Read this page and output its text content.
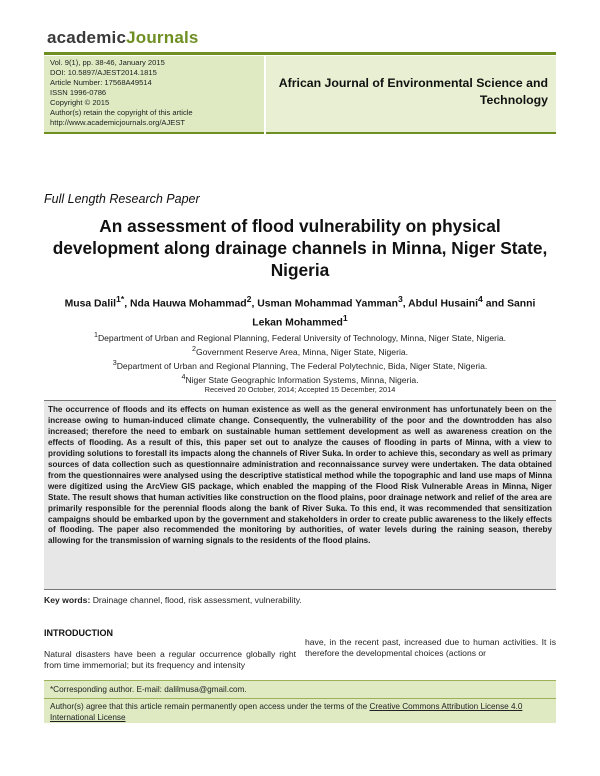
academicJournals
Vol. 9(1), pp. 38-46, January 2015
DOI: 10.5897/AJEST2014.1815
Article Number: 17568A49514
ISSN 1996-0786
Copyright © 2015
Author(s) retain the copyright of this article
http://www.academicjournals.org/AJEST
African Journal of Environmental Science and Technology
Full Length Research Paper
An assessment of flood vulnerability on physical development along drainage channels in Minna, Niger State, Nigeria
Musa Dalil$^{1*}$, Nda Hauwa Mohammad$^2$, Usman Mohammad Yamman$^3$, Abdul Husaini$^4$ and Sanni Lekan Mohammed$^1$
$^1$Department of Urban and Regional Planning, Federal University of Technology, Minna, Niger State, Nigeria.
$^2$Government Reserve Area, Minna, Niger State, Nigeria.
$^3$Department of Urban and Regional Planning, The Federal Polytechnic, Bida, Niger State, Nigeria.
$^4$Niger State Geographic Information Systems, Minna, Nigeria.
Received 20 October, 2014; Accepted 15 December, 2014
The occurrence of floods and its effects on human existence as well as the general environment has unfortunately been on the increase owing to human-induced climate change. Consequently, the vulnerability of the poor and the downtrodden has also increased; therefore the need to embark on sustainable human settlement development as well as awareness creation on the effects of flooding. As a result of this, this paper set out to analyze the causes of flooding in parts of Minna, with a view to providing solutions to forestall its impacts along the channels of River Suka. In order to achieve this, secondary as well as primary sources of data collection such as questionnaire administration and reconnaissance survey were undertaken. The data obtained from the questionnaires were analysed using the descriptive statistical method while the topographic and land use maps of Minna were digitized using the ArcView GIS package, which enabled the mapping of the Flood Risk Vulnerable Areas in Minna, Niger State. The result shows that human activities like construction on the flood plains, poor drainage network and relief of the area are primarily responsible for the perennial floods along the bank of River Suka. To this end, it was recommended that sensitization campaigns should be embarked upon by the government and stakeholders in order to create public awareness to the likely effects of flooding. The paper also recommended the monitoring by authorities, of water levels during the raining season, thereby allowing for the transmission of warning signals to the residents of the flood plains.
Key words: Drainage channel, flood, risk assessment, vulnerability.
INTRODUCTION
Natural disasters have been a regular occurrence globally right from time immemorial; but its frequency and intensity
have, in the recent past, increased due to human activities. It is therefore the developmental choices (actions or
*Corresponding author. E-mail: dalilmusa@gmail.com.
Author(s) agree that this article remain permanently open access under the terms of the Creative Commons Attribution License 4.0 International License
